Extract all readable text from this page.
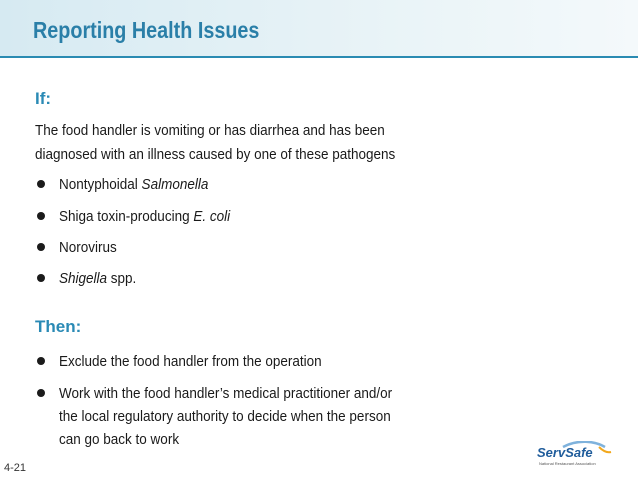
Reporting Health Issues
If:
The food handler is vomiting or has diarrhea and has been
diagnosed with an illness caused by one of these pathogens
Nontyphoidal Salmonella
Shiga toxin-producing E. coli
Norovirus
Shigella spp.
Then:
Exclude the food handler from the operation
Work with the food handler’s medical practitioner and/or
the local regulatory authority to decide when the person
can go back to work
4-21
ServSafe
National Restaurant Association
